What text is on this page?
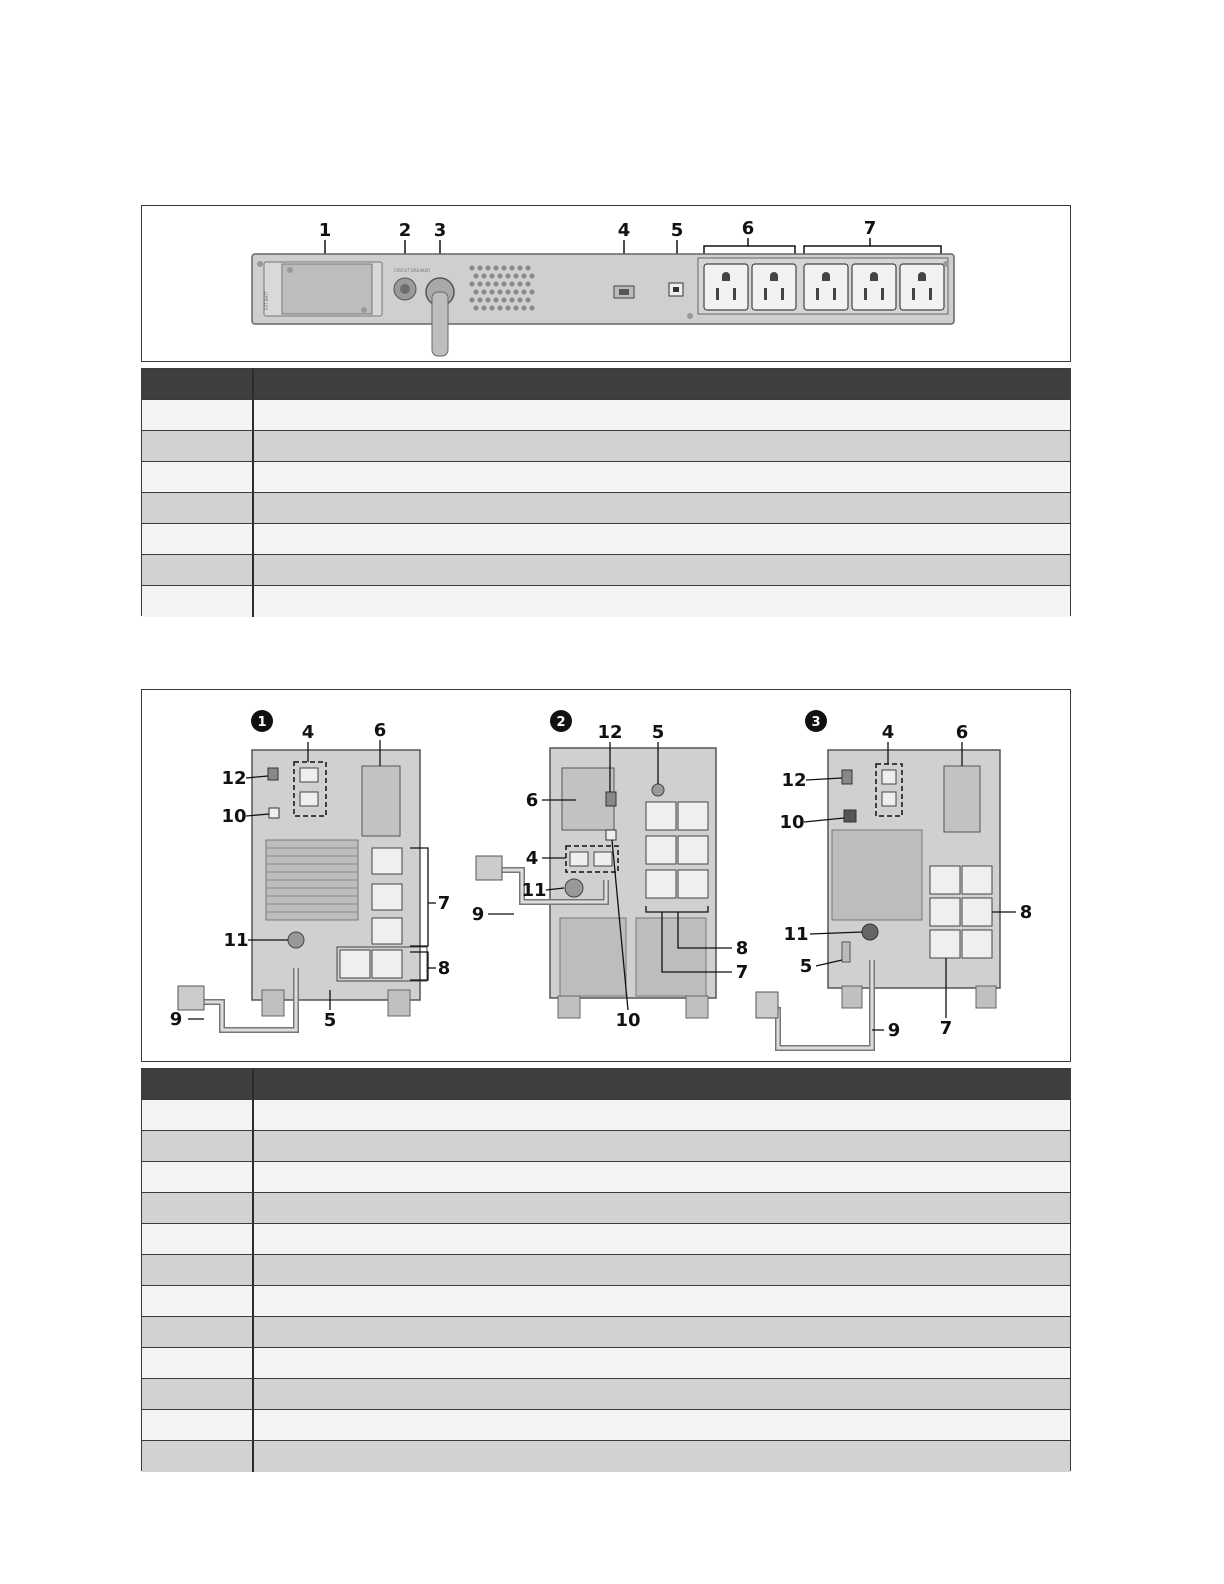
1	2 3	4 5	6	7
EXT BATT
CIRCUIT BREAKER
1 4	6
12
10
7
11
8
9	5
2 12 5
6
4
11
9
8
7
10
3	4	6
12
10
8
11
5
9 7
